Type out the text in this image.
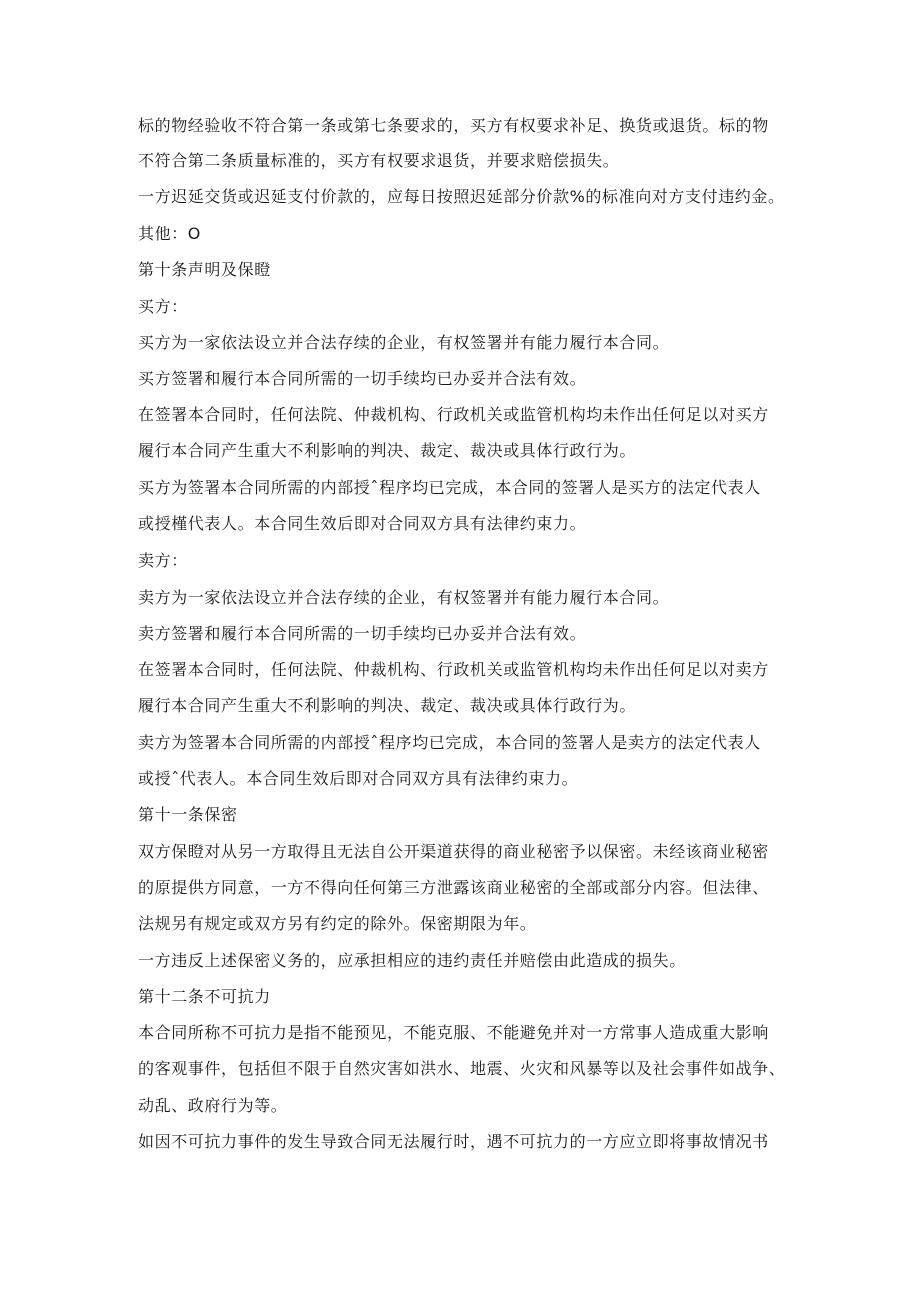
标的物经验收不符合第一条或第七条要求的，买方有权要求补足、换货或退货。标的物
不符合第二条质量标准的，买方有权要求退货，并要求赔偿损失。
一方迟延交货或迟延支付价款的，应每日按照迟延部分价款%的标准向对方支付违约金。
其他：O
第十条声明及保瞪
买方：
买方为一家依法设立并合法存续的企业，有权签署并有能力履行本合同。
买方签署和履行本合同所需的一切手续均已办妥并合法有效。
在签署本合同时，任何法院、仲裁机构、行政机关或监管机构均未作出任何足以对买方
履行本合同产生重大不利影响的判决、裁定、裁决或具体行政行为。
买方为签署本合同所需的内部授ˆ程序均已完成，本合同的签署人是买方的法定代表人
或授槿代表人。本合同生效后即对合同双方具有法律约束力。
卖方：
卖方为一家依法设立并合法存续的企业，有权签署并有能力履行本合同。
卖方签署和履行本合同所需的一切手续均已办妥并合法有效。
在签署本合同时，任何法院、仲裁机构、行政机关或监管机构均未作出任何足以对卖方
履行本合同产生重大不利影响的判决、裁定、裁决或具体行政行为。
卖方为签署本合同所需的内部授ˆ程序均已完成，本合同的签署人是卖方的法定代表人
或授ˆ代表人。本合同生效后即对合同双方具有法律约束力。
第十一条保密
双方保瞪对从另一方取得且无法自公开渠道获得的商业秘密予以保密。未经该商业秘密
的原提供方同意，一方不得向任何第三方泄露该商业秘密的全部或部分内容。但法律、
法规另有规定或双方另有约定的除外。保密期限为年。
一方违反上述保密义务的，应承担相应的违约责任并赔偿由此造成的损失。
第十二条不可抗力
本合同所称不可抗力是指不能预见，不能克服、不能避免并对一方常事人造成重大影响
的客观事件，包括但不限于自然灾害如洪水、地震、火灾和风暴等以及社会事件如战争、
动乱、政府行为等。
如因不可抗力事件的发生导致合同无法履行时，遇不可抗力的一方应立即将事故情况书
